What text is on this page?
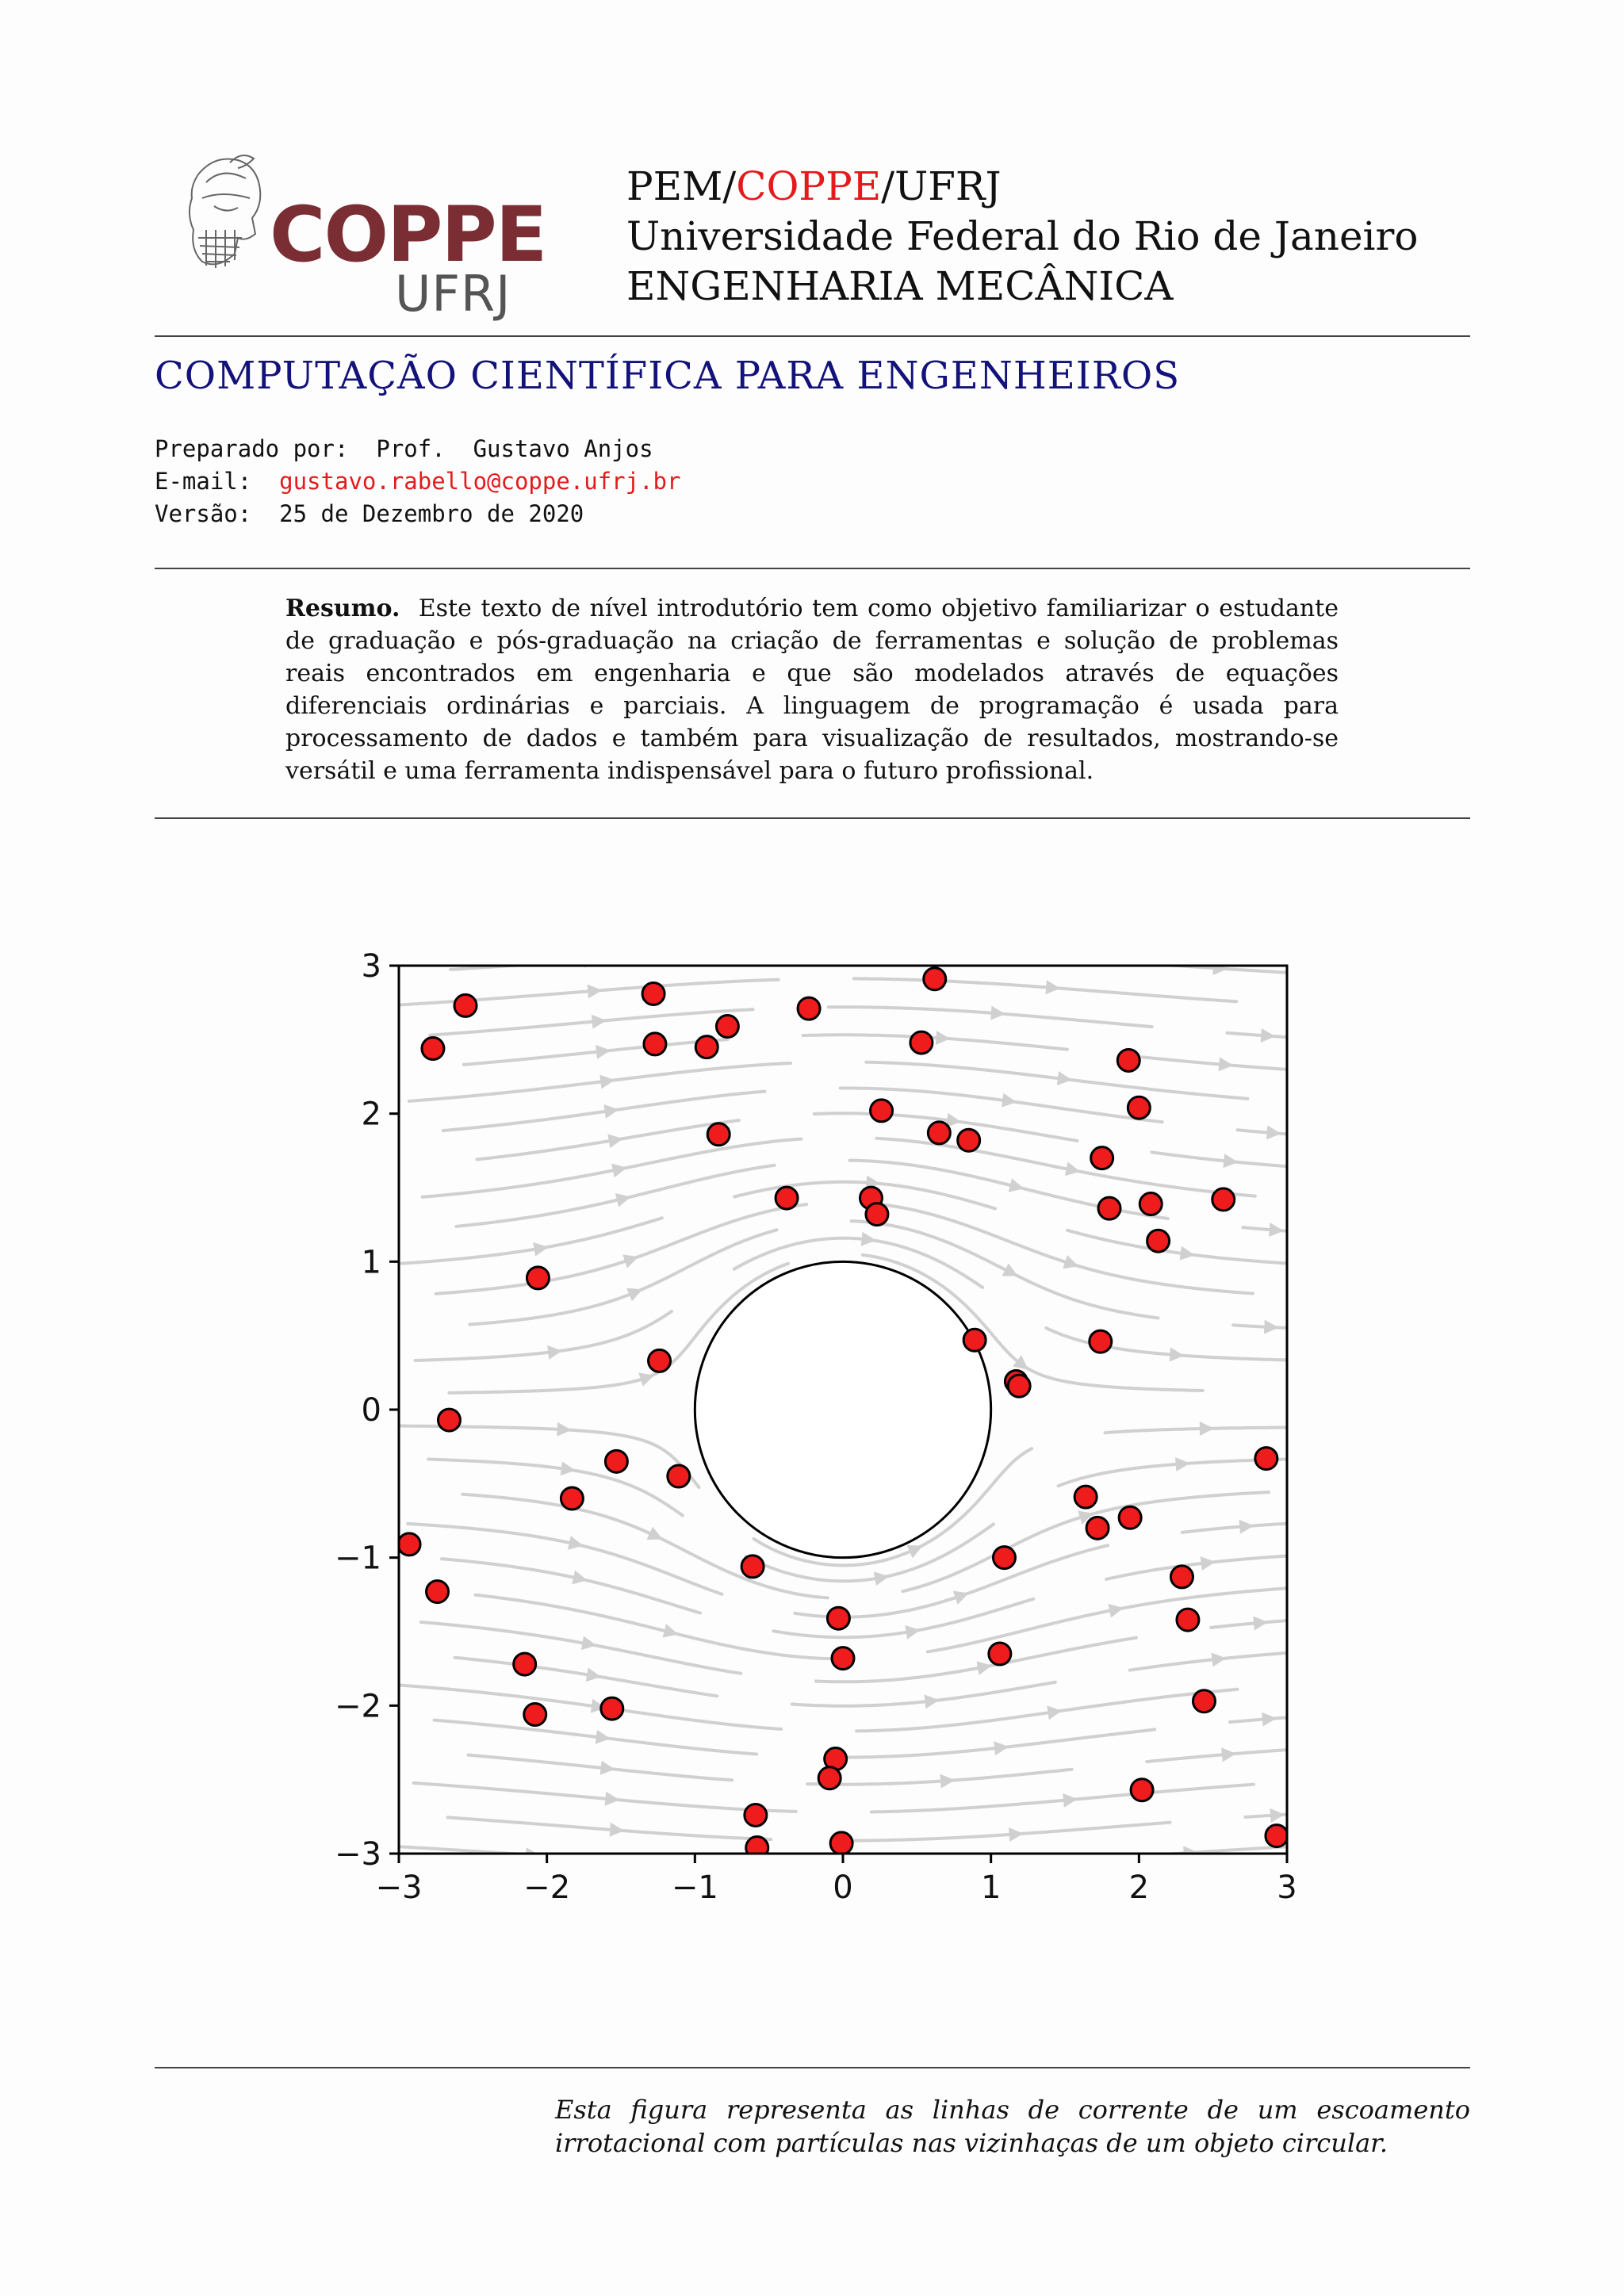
COPPE
UFRJ
PEM/COPPE/UFRJ
Universidade Federal do Rio de Janeiro
ENGENHARIA MECÂNICA
COMPUTAÇÃO CIENTÍFICA PARA ENGENHEIROS
Preparado por: Prof.  Gustavo Anjos
E-mail: gustavo.rabello@coppe.ufrj.br
Versão: 25 de Dezembro de 2020
Resumo. Este texto de nível introdutório tem como objetivo familiarizar o estudante de graduação e pós-graduação na criação de ferramentas e solução de problemas reais encontrados em engenharia e que são modelados através de equações diferenciais ordinárias e parciais. A linguagem de programação é usada para processamento de dados e também para visualização de resultados, mostrando-se versátil e uma ferramenta indispensável para o futuro profissional.
−3	−2	−1	0	1	2	3
−3
−2
−1
0
1
2
3
Esta figura representa as linhas de corrente de um escoamento irrotacional com partículas nas vizinhaças de um objeto circular.
